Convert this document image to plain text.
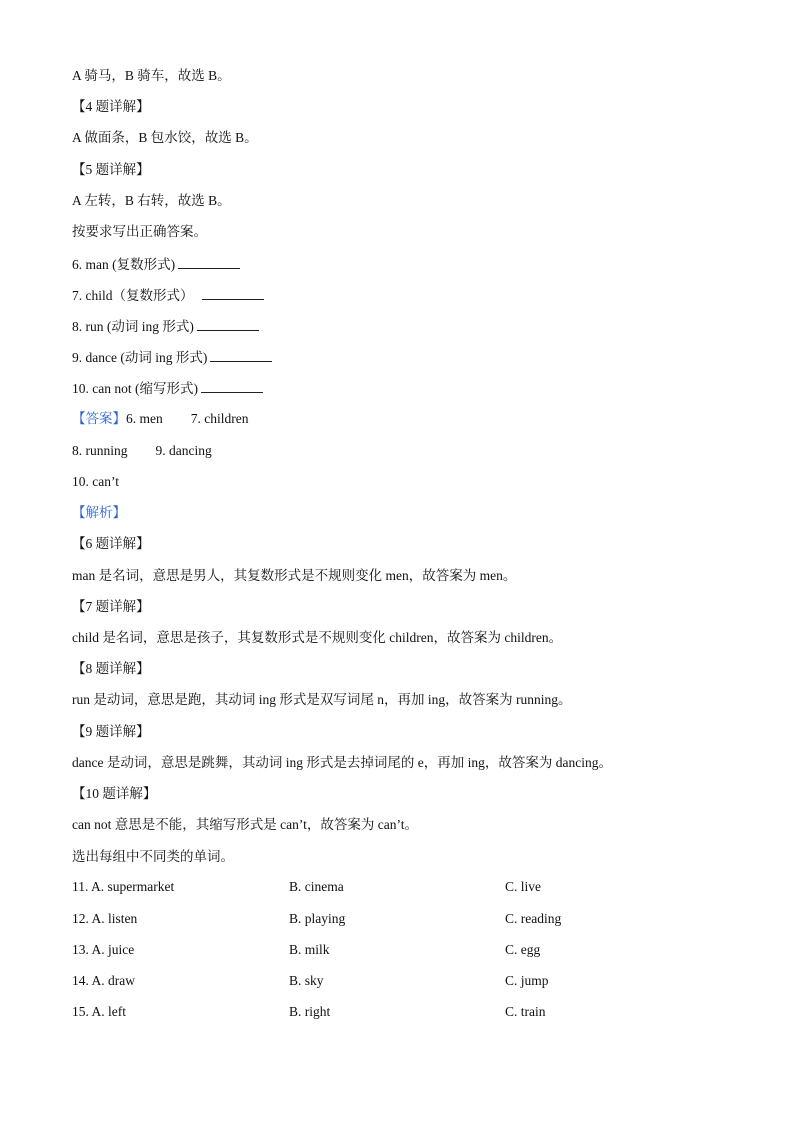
A 骑马，B 骑车，故选 B。
【4 题详解】
A 做面条，B 包水饺，故选 B。
【5 题详解】
A 左转，B 右转，故选 B。
按要求写出正确答案。
6. man (复数形式)
7. child（复数形式）
8. run (动词 ing 形式)
9. dance (动词 ing 形式)
10. can not (缩写形式)
【答案】6. men 7. children
8. running 9. dancing
10. can’t
【解析】
【6 题详解】
man 是名词，意思是男人，其复数形式是不规则变化 men，故答案为 men。
【7 题详解】
child 是名词，意思是孩子，其复数形式是不规则变化 children，故答案为 children。
【8 题详解】
run 是动词，意思是跑，其动词 ing 形式是双写词尾 n，再加 ing，故答案为 running。
【9 题详解】
dance 是动词，意思是跳舞，其动词 ing 形式是去掉词尾的 e，再加 ing，故答案为 dancing。
【10 题详解】
can not 意思是不能，其缩写形式是 can’t，故答案为 can’t。
选出每组中不同类的单词。
11. A. supermarket	B. cinema	C. live
12. A. listen	B. playing	C. reading
13. A. juice	B. milk	C. egg
14. A. draw	B. sky	C. jump
15. A. left	B. right	C. train
